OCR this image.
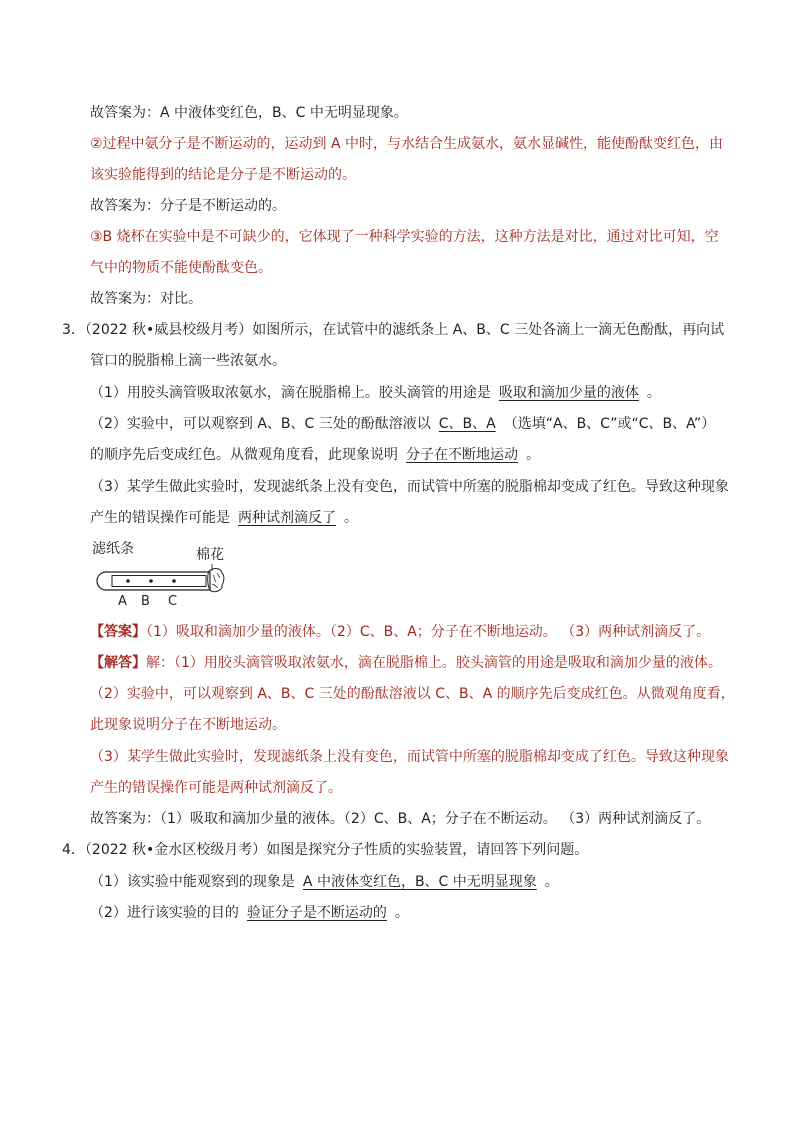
故答案为：A 中液体变红色，B、C 中无明显现象。
②过程中氨分子是不断运动的，运动到 A 中时，与水结合生成氨水，氨水显碱性，能使酚酞变红色，由
该实验能得到的结论是分子是不断运动的。
故答案为：分子是不断运动的。
③B 烧杯在实验中是不可缺少的，它体现了一种科学实验的方法，这种方法是对比，通过对比可知，空
气中的物质不能使酚酞变色。
故答案为：对比。
3．（2022 秋•威县校级月考）如图所示，在试管中的滤纸条上 A、B、C 三处各滴上一滴无色酚酞，再向试
管口的脱脂棉上滴一些浓氨水。
（1）用胶头滴管吸取浓氨水，滴在脱脂棉上。胶头滴管的用途是 吸取和滴加少量的液体 。
（2）实验中，可以观察到 A、B、C 三处的酚酞溶液以 C、B、A （选填“A、B、C”或“C、B、A”）
的顺序先后变成红色。从微观角度看，此现象说明 分子在不断地运动 。
（3）某学生做此实验时，发现滤纸条上没有变色，而试管中所塞的脱脂棉却变成了红色。导致这种现象
产生的错误操作可能是 两种试剂滴反了 。
滤纸条	棉花
A B C
【答案】（1）吸取和滴加少量的液体。（2）C、B、A；分子在不断地运动。 （3）两种试剂滴反了。
【解答】解：（1）用胶头滴管吸取浓氨水，滴在脱脂棉上。胶头滴管的用途是吸取和滴加少量的液体。
（2）实验中，可以观察到 A、B、C 三处的酚酞溶液以 C、B、A 的顺序先后变成红色。从微观角度看，
此现象说明分子在不断地运动。
（3）某学生做此实验时，发现滤纸条上没有变色，而试管中所塞的脱脂棉却变成了红色。导致这种现象
产生的错误操作可能是两种试剂滴反了。
故答案为：（1）吸取和滴加少量的液体。（2）C、B、A；分子在不断运动。 （3）两种试剂滴反了。
4．（2022 秋•金水区校级月考）如图是探究分子性质的实验装置，请回答下列问题。
（1）该实验中能观察到的现象是 A 中液体变红色，B、C 中无明显现象 。
（2）进行该实验的目的 验证分子是不断运动的 。
